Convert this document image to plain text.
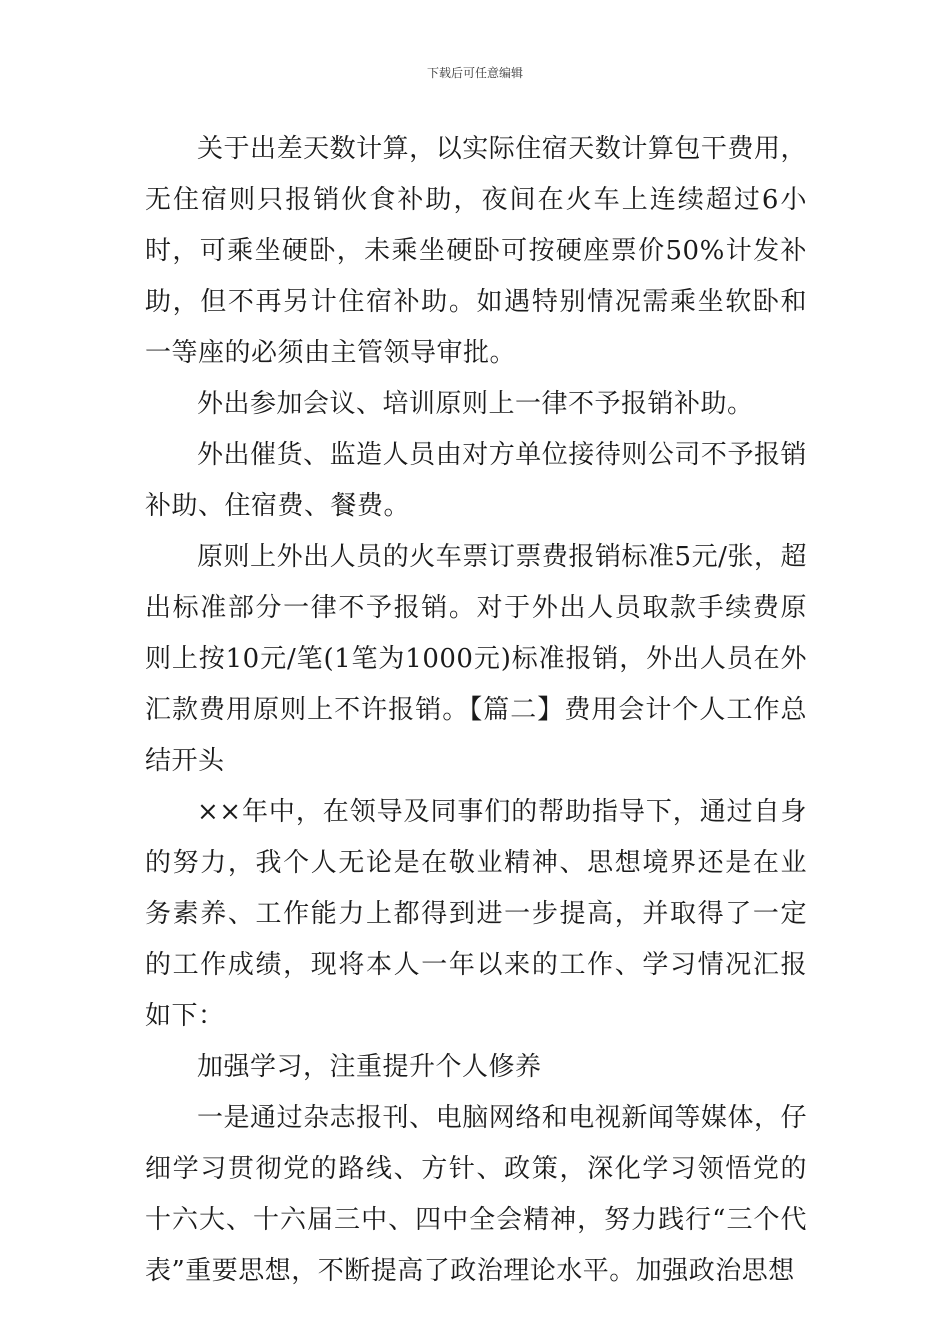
下载后可任意编辑

关于出差天数计算，以实际住宿天数计算包干费用，无住宿则只报销伙食补助，夜间在火车上连续超过6小时，可乘坐硬卧，未乘坐硬卧可按硬座票价50%计发补助，但不再另计住宿补助。如遇特别情况需乘坐软卧和一等座的必须由主管领导审批。

外出参加会议、培训原则上一律不予报销补助。

外出催货、监造人员由对方单位接待则公司不予报销补助、住宿费、餐费。

原则上外出人员的火车票订票费报销标准5元/张，超出标准部分一律不予报销。对于外出人员取款手续费原则上按10元/笔(1笔为1000元)标准报销，外出人员在外汇款费用原则上不许报销。【篇二】费用会计个人工作总结开头

××年中，在领导及同事们的帮助指导下，通过自身的努力，我个人无论是在敬业精神、思想境界还是在业务素养、工作能力上都得到进一步提高，并取得了一定的工作成绩，现将本人一年以来的工作、学习情况汇报如下：

加强学习，注重提升个人修养

一是通过杂志报刊、电脑网络和电视新闻等媒体，仔细学习贯彻党的路线、方针、政策，深化学习领悟党的十六大、十六届三中、四中全会精神，努力践行“三个代表”重要思想，不断提高了政治理论水平。加强政治思想
